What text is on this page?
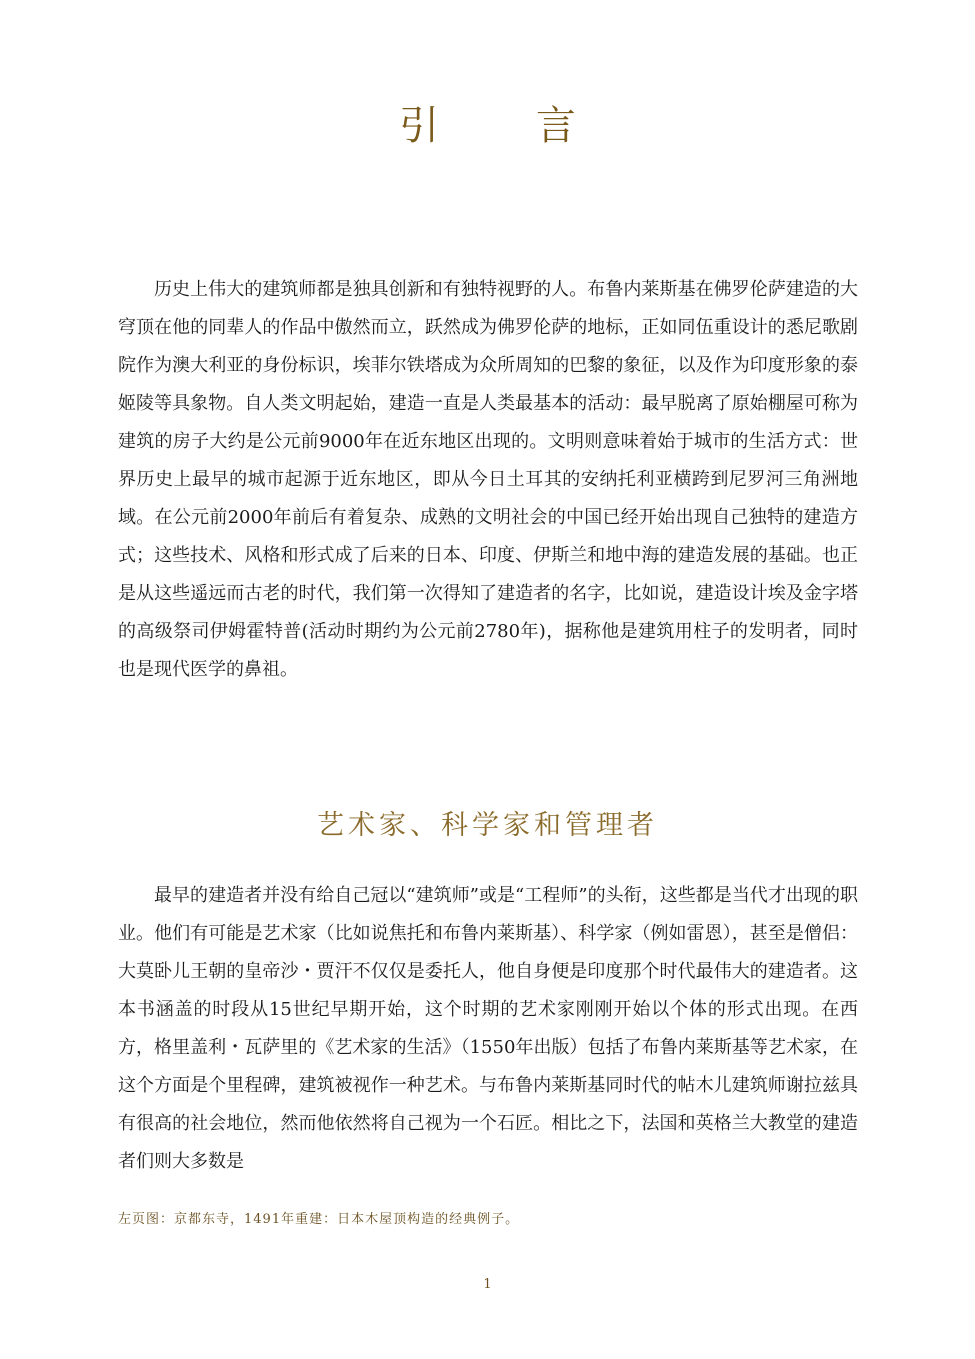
引 言

历史上伟大的建筑师都是独具创新和有独特视野的人。布鲁内莱斯基在佛罗伦萨建造的大穹顶在他的同辈人的作品中傲然而立，跃然成为佛罗伦萨的地标，正如同伍重设计的悉尼歌剧院作为澳大利亚的身份标识，埃菲尔铁塔成为众所周知的巴黎的象征，以及作为印度形象的泰姬陵等具象物。自人类文明起始，建造一直是人类最基本的活动：最早脱离了原始棚屋可称为建筑的房子大约是公元前9000年在近东地区出现的。文明则意味着始于城市的生活方式：世界历史上最早的城市起源于近东地区，即从今日土耳其的安纳托利亚横跨到尼罗河三角洲地域。在公元前2000年前后有着复杂、成熟的文明社会的中国已经开始出现自己独特的建造方式；这些技术、风格和形式成了后来的日本、印度、伊斯兰和地中海的建造发展的基础。也正是从这些遥远而古老的时代，我们第一次得知了建造者的名字，比如说，建造设计埃及金字塔的高级祭司伊姆霍特普(活动时期约为公元前2780年)，据称他是建筑用柱子的发明者，同时也是现代医学的鼻祖。

艺术家、科学家和管理者

最早的建造者并没有给自己冠以“建筑师”或是“工程师”的头衔，这些都是当代才出现的职业。他们有可能是艺术家（比如说焦托和布鲁内莱斯基）、科学家（例如雷恩），甚至是僧侣：大莫卧儿王朝的皇帝沙・贾汗不仅仅是委托人，他自身便是印度那个时代最伟大的建造者。这本书涵盖的时段从15世纪早期开始，这个时期的艺术家刚刚开始以个体的形式出现。在西方，格里盖利・瓦萨里的《艺术家的生活》（1550年出版）包括了布鲁内莱斯基等艺术家，在这个方面是个里程碑，建筑被视作一种艺术。与布鲁内莱斯基同时代的帖木儿建筑师谢拉兹具有很高的社会地位，然而他依然将自己视为一个石匠。相比之下，法国和英格兰大教堂的建造者们则大多数是

左页图：京都东寺，1491年重建：日本木屋顶构造的经典例子。

1
